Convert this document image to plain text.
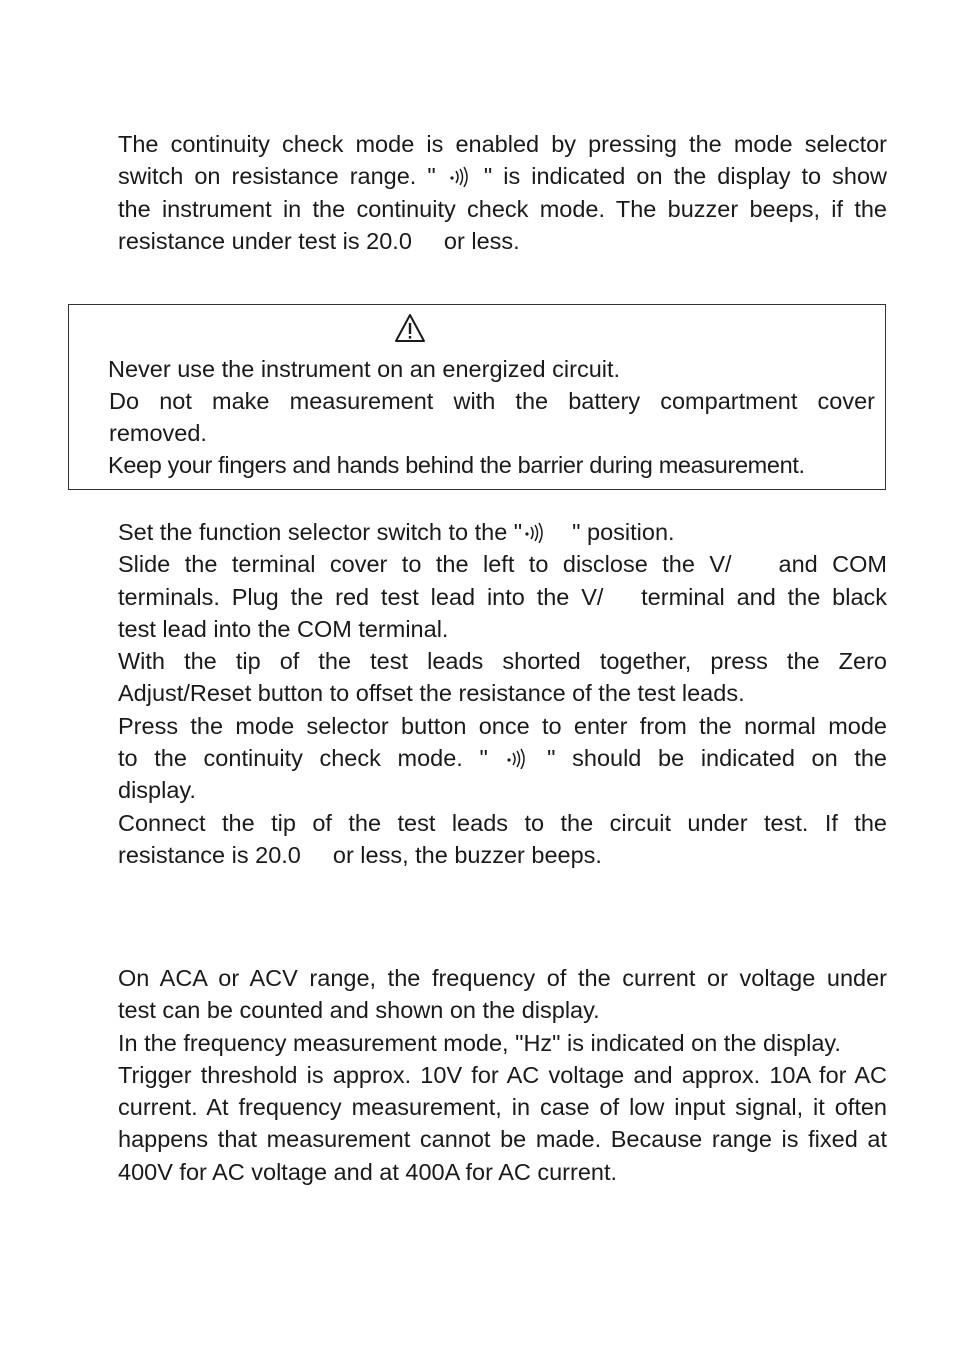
The continuity check mode is enabled by pressing the mode selector
switch on resistance range. " " is indicated on the display to show
the instrument in the continuity check mode. The buzzer beeps, if the
resistance under test is 20.0 or less.
Never use the instrument on an energized circuit.
Do not make measurement with the battery compartment cover
removed.
Keep your fingers and hands behind the barrier during measurement.
Set the function selector switch to the " " position.
Slide the terminal cover to the left to disclose the V/ and COM
terminals. Plug the red test lead into the V/ terminal and the black
test lead into the COM terminal.
With the tip of the test leads shorted together, press the Zero
Adjust/Reset button to offset the resistance of the test leads.
Press the mode selector button once to enter from the normal mode
to the continuity check mode. "	" should be indicated on the
display.
Connect the tip of the test leads to the circuit under test. If the
resistance is 20.0 or less, the buzzer beeps.
On ACA or ACV range, the frequency of the current or voltage under
test can be counted and shown on the display.
In the frequency measurement mode, "Hz" is indicated on the display.
Trigger threshold is approx. 10V for AC voltage and approx. 10A for AC
current. At frequency measurement, in case of low input signal, it often
happens that measurement cannot be made. Because range is fixed at
400V for AC voltage and at 400A for AC current.
